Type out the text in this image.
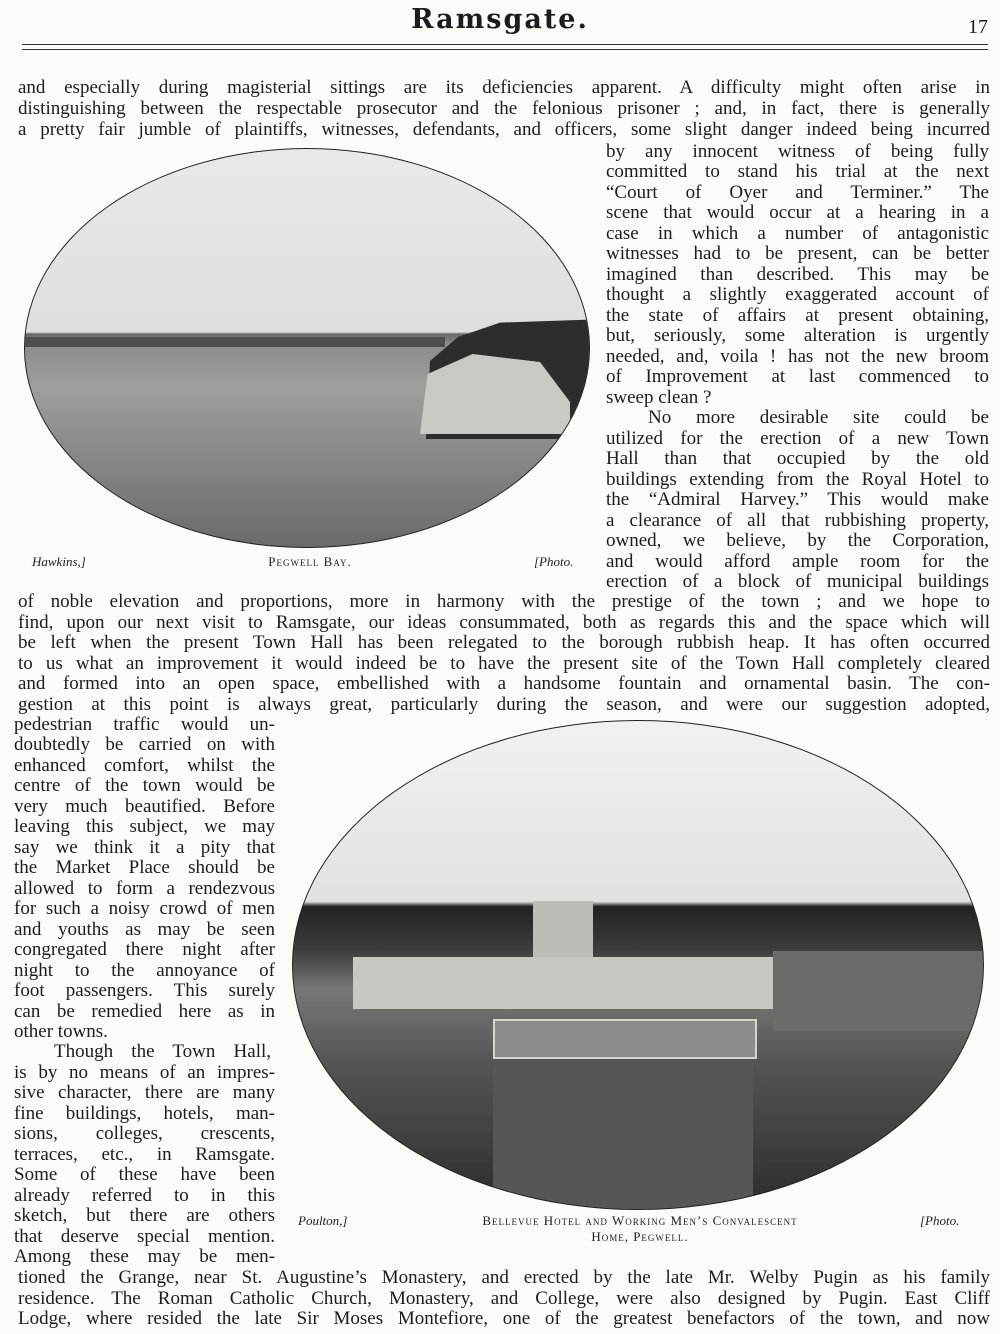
Ramsgate.	17

and especially during magisterial sittings are its deficiencies apparent. A difficulty might often arise in

distinguishing between the respectable prosecutor and the felonious prisoner ; and, in fact, there is generally

a pretty fair jumble of plaintiffs, witnesses, defendants, and officers, some slight danger indeed being incurred

Hawkins,]	Pegwell Bay.	[Photo.

by any innocent witness of being fully

committed to stand his trial at the next

“Court of Oyer and Terminer.” The

scene that would occur at a hearing in a

case in which a number of antagonistic

witnesses had to be present, can be better

imagined than described. This may be

thought a slightly exaggerated account of

the state of affairs at present obtaining,

but, seriously, some alteration is urgently

needed, and, voila ! has not the new broom

of Improvement at last commenced to

sweep clean ?

No more desirable site could be

utilized for the erection of a new Town

Hall than that occupied by the old

buildings extending from the Royal Hotel to

the “Admiral Harvey.” This would make

a clearance of all that rubbishing property,

owned, we believe, by the Corporation,

and would afford ample room for the

erection of a block of municipal buildings

of noble elevation and proportions, more in harmony with the prestige of the town ; and we hope to

find, upon our next visit to Ramsgate, our ideas consummated, both as regards this and the space which will

be left when the present Town Hall has been relegated to the borough rubbish heap. It has often occurred

to us what an improvement it would indeed be to have the present site of the Town Hall completely cleared

and formed into an open space, embellished with a handsome fountain and ornamental basin. The con-

gestion at this point is always great, particularly during the season, and were our suggestion adopted,

pedestrian traffic would un-

doubtedly be carried on with

enhanced comfort, whilst the

centre of the town would be

very much beautified. Before

leaving this subject, we may

say we think it a pity that

the Market Place should be

allowed to form a rendezvous

for such a noisy crowd of men

and youths as may be seen

congregated there night after

night to the annoyance of

foot passengers. This surely

can be remedied here as in

other towns.

Though the Town Hall,

is by no means of an impres-

sive character, there are many

fine buildings, hotels, man-

sions, colleges, crescents,

terraces, etc., in Ramsgate.

Some of these have been

already referred to in this

sketch, but there are others

that deserve special mention.

Among these may be men-

Poulton,]	Bellevue Hotel and Working Men’s Convalescent
Home, Pegwell.
[Photo.

tioned the Grange, near St. Augustine’s Monastery, and erected by the late Mr. Welby Pugin as his family

residence. The Roman Catholic Church, Monastery, and College, were also designed by Pugin. East Cliff

Lodge, where resided the late Sir Moses Montefiore, one of the greatest benefactors of the town, and now
